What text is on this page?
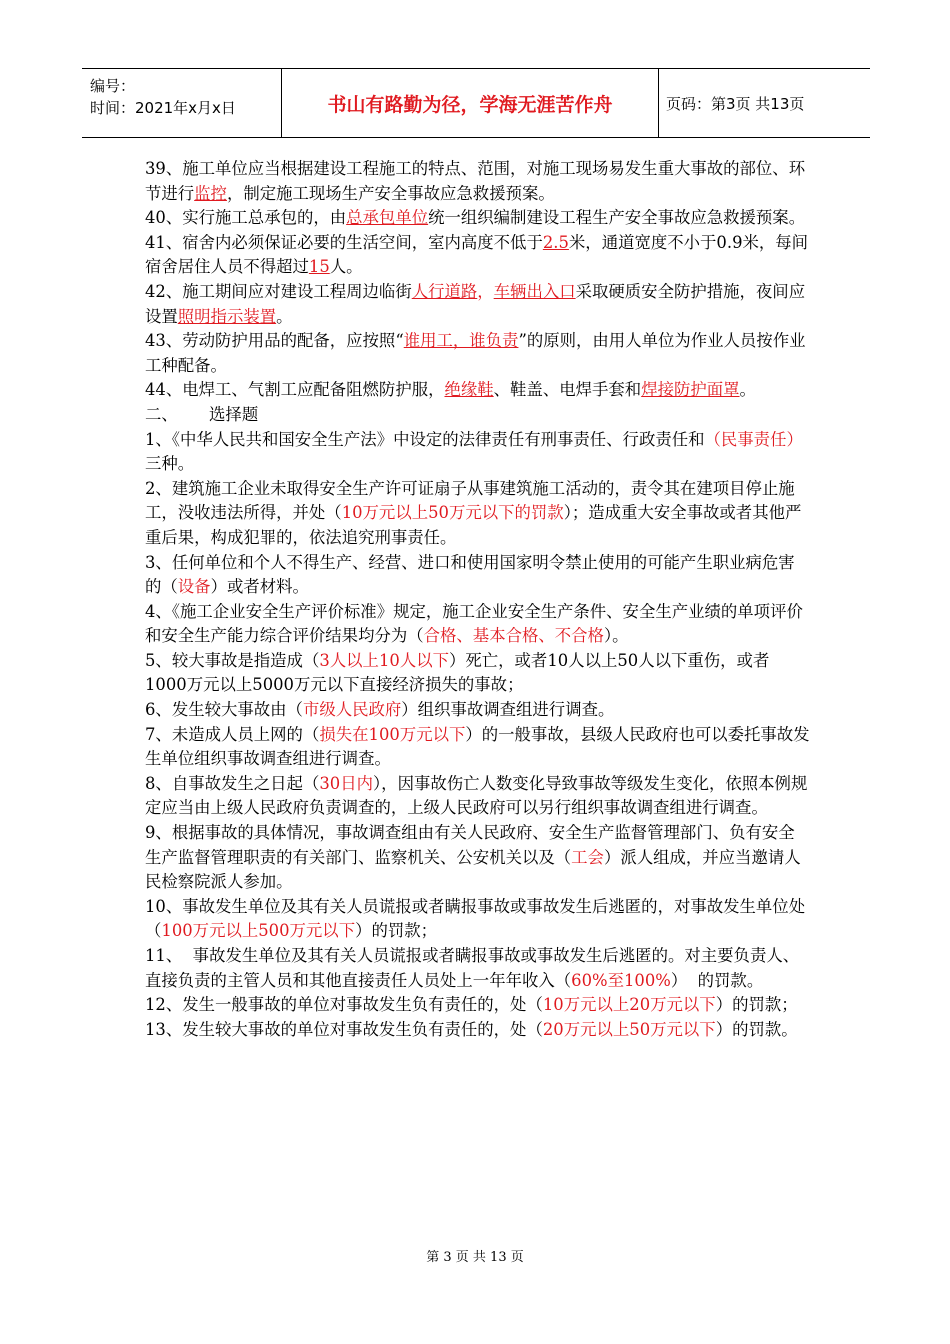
编号：
时间：2021年x月x日	书山有路勤为径，学海无涯苦作舟	页码：第3页 共13页

39、施工单位应当根据建设工程施工的特点、范围，对施工现场易发生重大事故的部位、环节进行监控，制定施工现场生产安全事故应急救援预案。

40、实行施工总承包的，由总承包单位统一组织编制建设工程生产安全事故应急救援预案。

41、宿舍内必须保证必要的生活空间，室内高度不低于2.5米，通道宽度不小于0.9米，每间宿舍居住人员不得超过15人。

42、施工期间应对建设工程周边临街人行道路，车辆出入口采取硬质安全防护措施，夜间应设置照明指示装置。

43、劳动防护用品的配备，应按照“谁用工，谁负责”的原则，由用人单位为作业人员按作业工种配备。

44、电焊工、气割工应配备阻燃防护服，绝缘鞋、鞋盖、电焊手套和焊接防护面罩。

二、      选择题

1、《中华人民共和国安全生产法》中设定的法律责任有刑事责任、行政责任和（民事责任）三种。

2、建筑施工企业未取得安全生产许可证扇子从事建筑施工活动的，责令其在建项目停止施工，没收违法所得，并处（10万元以上50万元以下的罚款）；造成重大安全事故或者其他严重后果，构成犯罪的，依法追究刑事责任。

3、任何单位和个人不得生产、经营、进口和使用国家明令禁止使用的可能产生职业病危害的（设备）或者材料。

4、《施工企业安全生产评价标准》规定，施工企业安全生产条件、安全生产业绩的单项评价和安全生产能力综合评价结果均分为（合格、基本合格、不合格）。

5、较大事故是指造成（3人以上10人以下）死亡，或者10人以上50人以下重伤，或者1000万元以上5000万元以下直接经济损失的事故；

6、发生较大事故由（市级人民政府）组织事故调查组进行调查。

7、未造成人员上网的（损失在100万元以下）的一般事故，县级人民政府也可以委托事故发生单位组织事故调查组进行调查。

8、自事故发生之日起（30日内），因事故伤亡人数变化导致事故等级发生变化，依照本例规定应当由上级人民政府负责调查的，上级人民政府可以另行组织事故调查组进行调查。

9、根据事故的具体情况，事故调查组由有关人民政府、安全生产监督管理部门、负有安全生产监督管理职责的有关部门、监察机关、公安机关以及（工会）派人组成，并应当邀请人民检察院派人参加。

10、事故发生单位及其有关人员谎报或者瞒报事故或事故发生后逃匿的，对事故发生单位处（100万元以上500万元以下）的罚款；

11、  事故发生单位及其有关人员谎报或者瞒报事故或事故发生后逃匿的。对主要负责人、直接负责的主管人员和其他直接责任人员处上一年年收入（60%至100%）  的罚款。

12、发生一般事故的单位对事故发生负有责任的，处（10万元以上20万元以下）的罚款；

13、发生较大事故的单位对事故发生负有责任的，处（20万元以上50万元以下）的罚款。

第 3 页 共 13 页
